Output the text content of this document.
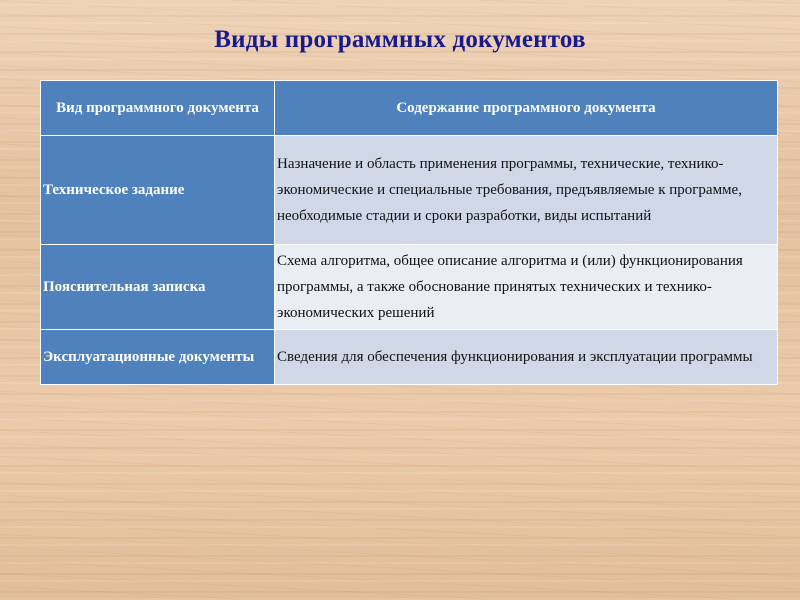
Виды программных документов
Вид программного документа	Содержание программного документа
Техническое задание	Назначение и область применения программы, технические, технико-экономические и специальные требования, предъявляемые к программе, необходимые стадии и сроки разработки, виды испытаний
Пояснительная записка	Схема алгоритма, общее описание алгоритма и (или) функционирования программы, а также обоснование принятых технических и технико-экономических решений
Эксплуатационные документы	Сведения для обеспечения функционирования и эксплуатации программы
